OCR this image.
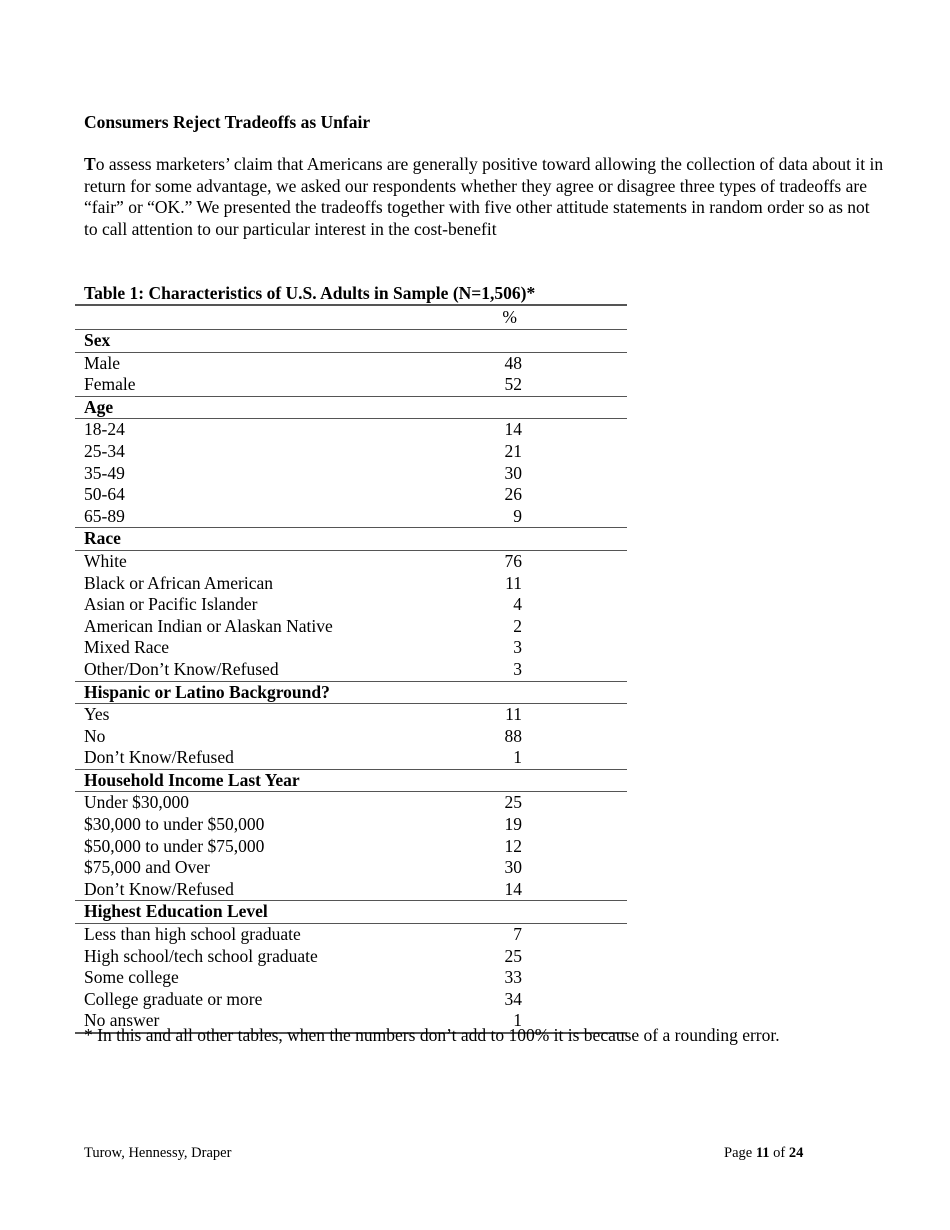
Consumers Reject Tradeoffs as Unfair
To assess marketers’ claim that Americans are generally positive toward allowing the collection of data about it in return for some advantage, we asked our respondents whether they agree or disagree three types of tradeoffs are “fair” or “OK.” We presented the tradeoffs together with five other attitude statements in random order so as not to call attention to our particular interest in the cost-benefit
Table 1: Characteristics of U.S. Adults in Sample (N=1,506)*
%
Sex
Male	48
Female	52
Age
18-24	14
25-34	21
35-49	30
50-64	26
65-89	9
Race
White	76
Black or African American	11
Asian or Pacific Islander	4
American Indian or Alaskan Native	2
Mixed Race	3
Other/Don’t Know/Refused	3
Hispanic or Latino Background?
Yes	11
No	88
Don’t Know/Refused	1
Household Income Last Year
Under $30,000	25
$30,000 to under $50,000	19
$50,000 to under $75,000	12
$75,000 and Over	30
Don’t Know/Refused	14
Highest Education Level
Less than high school graduate	7
High school/tech school graduate	25
Some college	33
College graduate or more	34
No answer	1
* In this and all other tables, when the numbers don’t add to 100% it is because of a rounding error.
Turow, Hennessy, Draper	Page 11 of 24
